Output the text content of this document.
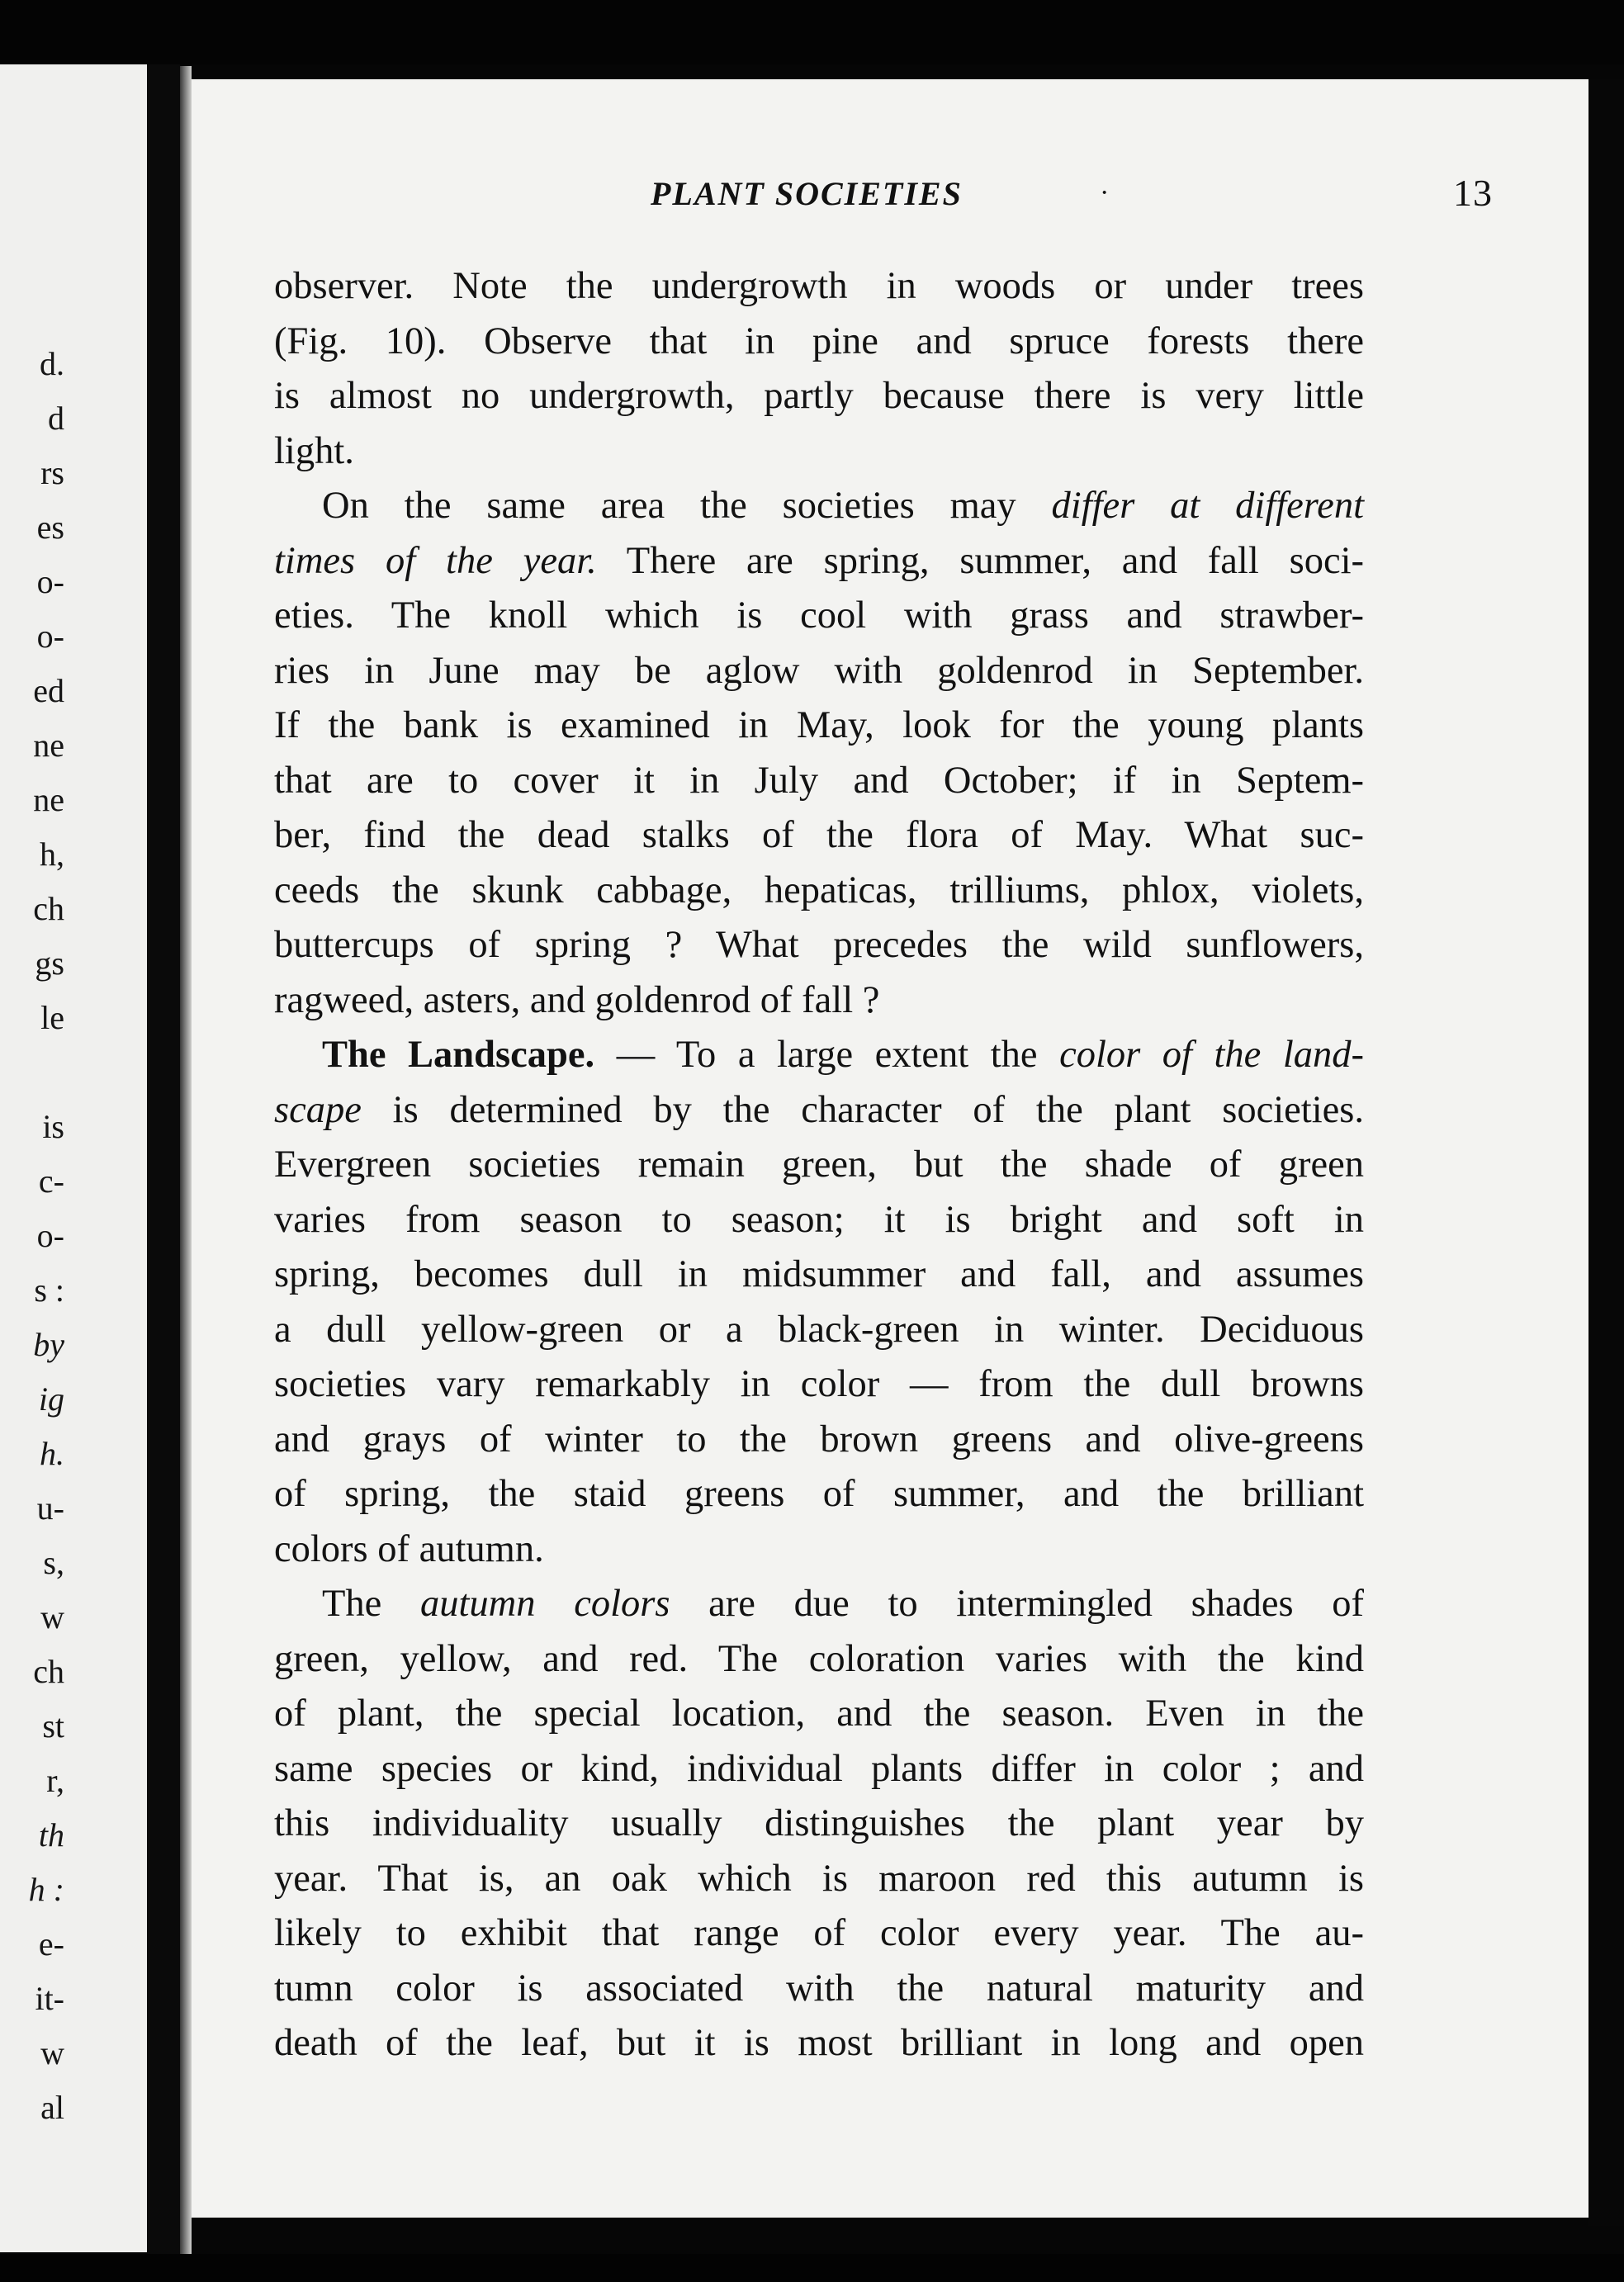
d.
d
rs
es
o-
o-
ed
ne
ne
h,
ch
gs
le
is
c-
o-
s :
by
ig
h.
u-
s,
w
ch
st
r,
th
h :
e-
it-
w
al
PLANT SOCIETIES	·	13

observer. Note the undergrowth in woods or under trees
(Fig. 10). Observe that in pine and spruce forests there
is almost no undergrowth, partly because there is very little
light.

On the same area the societies may differ at different
times of the year. There are spring, summer, and fall soci-
eties. The knoll which is cool with grass and strawber-
ries in June may be aglow with goldenrod in September.
If the bank is examined in May, look for the young plants
that are to cover it in July and October; if in Septem-
ber, find the dead stalks of the flora of May. What suc-
ceeds the skunk cabbage, hepaticas, trilliums, phlox, violets,
buttercups of spring ? What precedes the wild sunflowers,
ragweed, asters, and goldenrod of fall ?

The Landscape. — To a large extent the color of the land-
scape is determined by the character of the plant societies.
Evergreen societies remain green, but the shade of green
varies from season to season; it is bright and soft in
spring, becomes dull in midsummer and fall, and assumes
a dull yellow-green or a black-green in winter. Deciduous
societies vary remarkably in color — from the dull browns
and grays of winter to the brown greens and olive-greens
of spring, the staid greens of summer, and the brilliant
colors of autumn.

The autumn colors are due to intermingled shades of
green, yellow, and red. The coloration varies with the kind
of plant, the special location, and the season. Even in the
same species or kind, individual plants differ in color ; and
this individuality usually distinguishes the plant year by
year. That is, an oak which is maroon red this autumn is
likely to exhibit that range of color every year. The au-
tumn color is associated with the natural maturity and
death of the leaf, but it is most brilliant in long and open
